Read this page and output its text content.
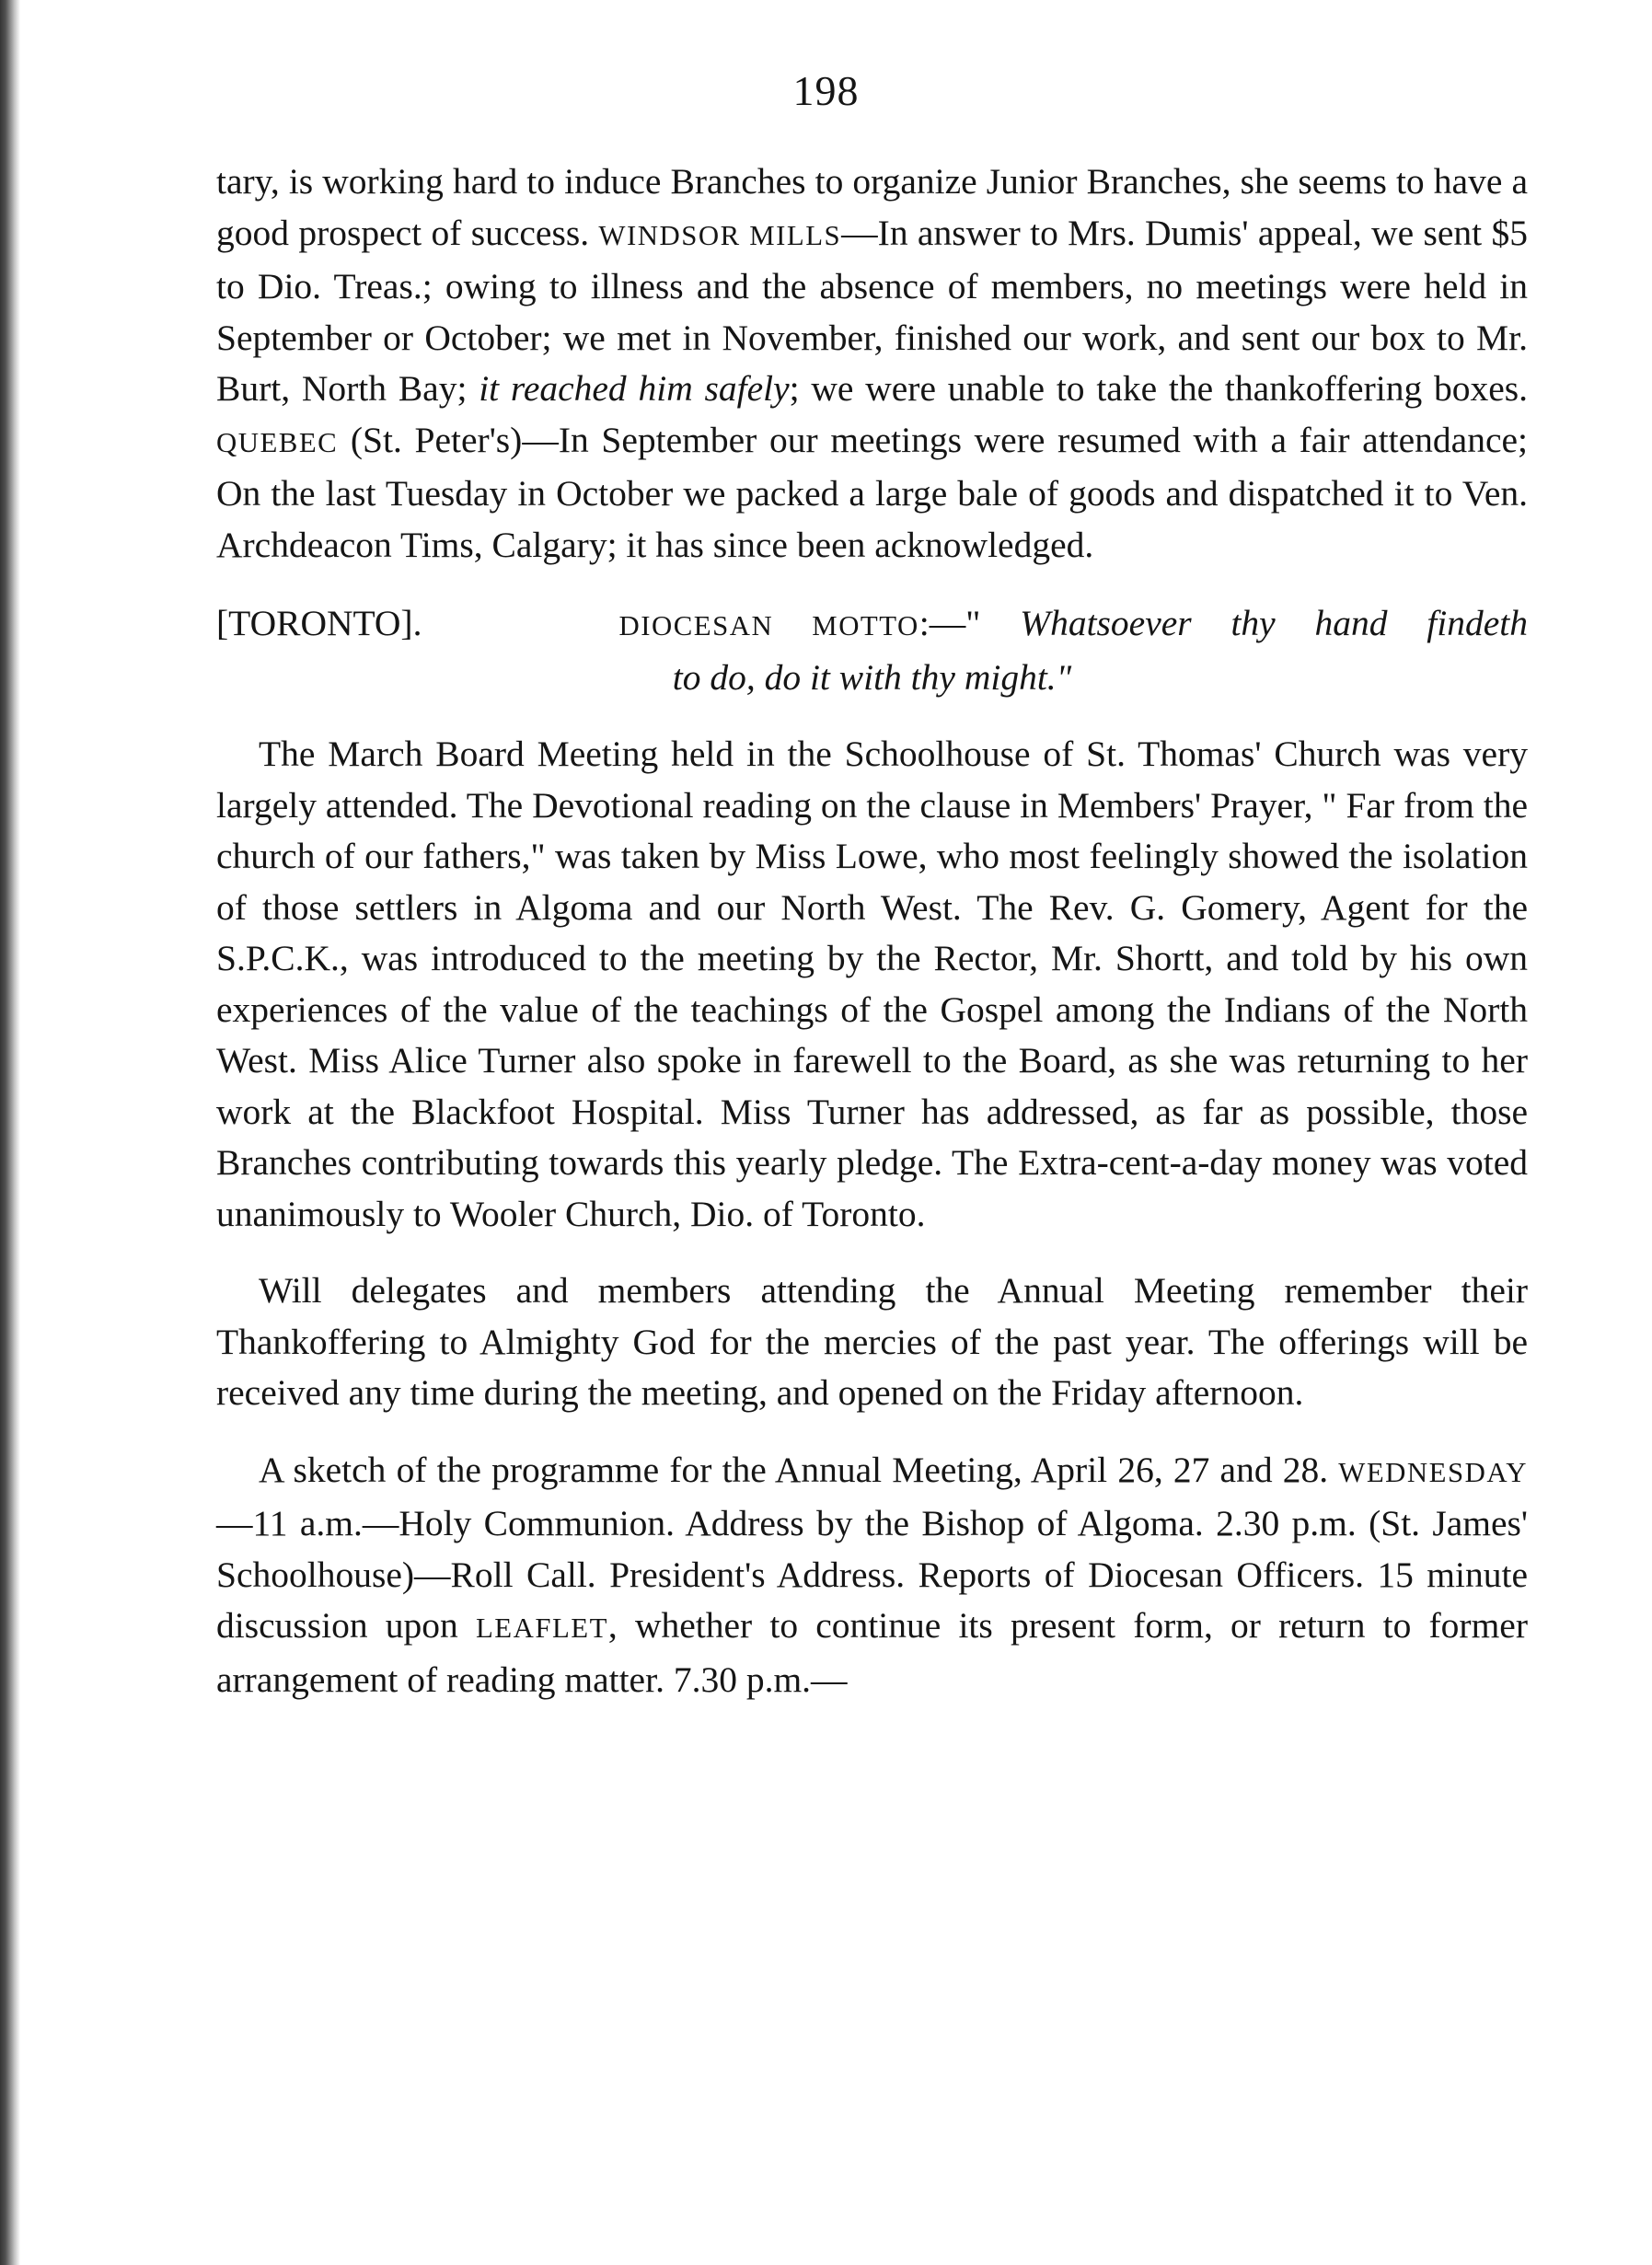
198

tary, is working hard to induce Branches to organize Junior Branches, she seems to have a good prospect of success. WINDSOR MILLS—In answer to Mrs. Dumis' appeal, we sent $5 to Dio. Treas.; owing to illness and the absence of members, no meetings were held in September or October; we met in November, finished our work, and sent our box to Mr. Burt, North Bay; it reached him safely; we were unable to take the thankoffering boxes. QUEBEC (St. Peter's)—In September our meetings were resumed with a fair attendance; On the last Tuesday in October we packed a large bale of goods and dispatched it to Ven. Archdeacon Tims, Calgary; it has since been acknowledged.

[TORONTO].	DIOCESAN MOTTO:—" Whatsoever thy hand findeth

to do, do it with thy might."

The March Board Meeting held in the Schoolhouse of St. Thomas' Church was very largely attended. The Devotional reading on the clause in Members' Prayer, " Far from the church of our fathers," was taken by Miss Lowe, who most feelingly showed the isolation of those settlers in Algoma and our North West. The Rev. G. Gomery, Agent for the S.P.C.K., was introduced to the meeting by the Rector, Mr. Shortt, and told by his own experiences of the value of the teachings of the Gospel among the Indians of the North West. Miss Alice Turner also spoke in farewell to the Board, as she was returning to her work at the Blackfoot Hospital. Miss Turner has addressed, as far as possible, those Branches contributing towards this yearly pledge. The Extra-cent-a-day money was voted unanimously to Wooler Church, Dio. of Toronto.

Will delegates and members attending the Annual Meeting remember their Thankoffering to Almighty God for the mercies of the past year. The offerings will be received any time during the meeting, and opened on the Friday afternoon.

A sketch of the programme for the Annual Meeting, April 26, 27 and 28. WEDNESDAY—11 a.m.—Holy Communion. Address by the Bishop of Algoma. 2.30 p.m. (St. James' Schoolhouse)—Roll Call. President's Address. Reports of Diocesan Officers. 15 minute discussion upon LEAFLET, whether to continue its present form, or return to former arrangement of reading matter. 7.30 p.m.—
